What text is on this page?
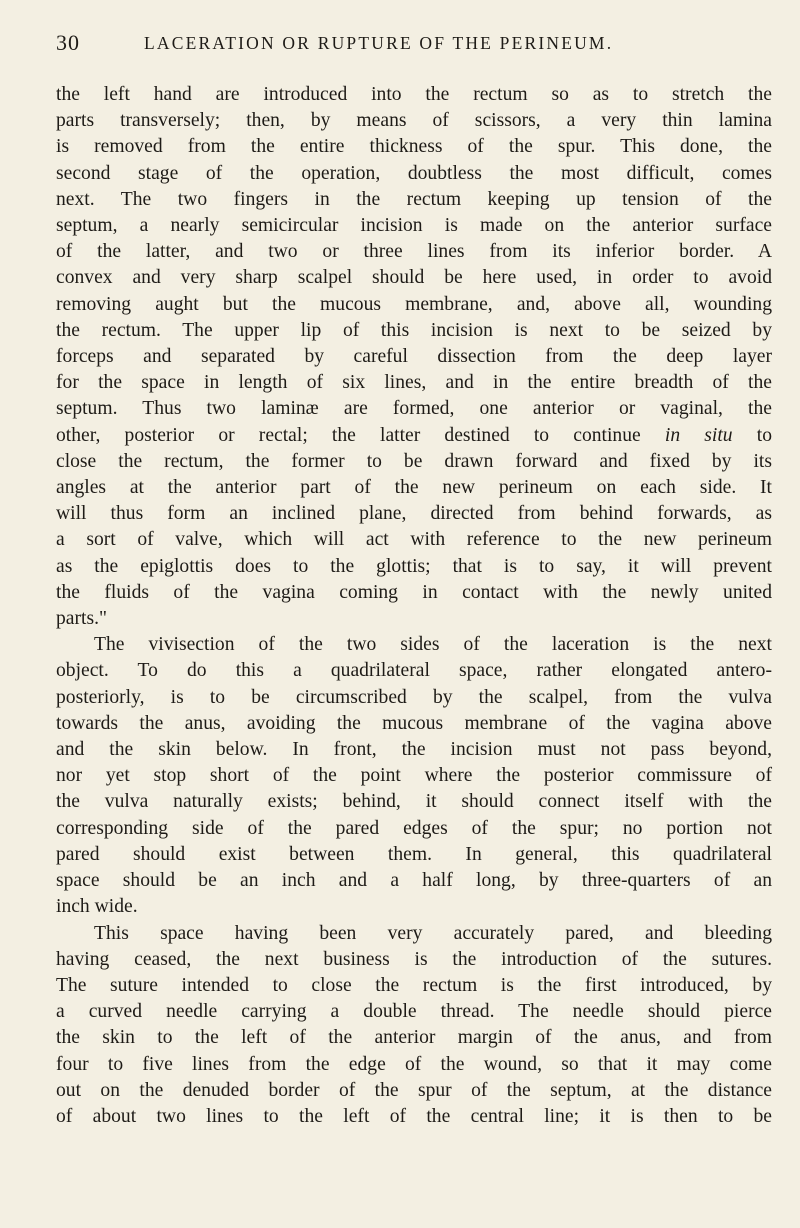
30	LACERATION OR RUPTURE OF THE PERINEUM.
the left hand are introduced into the rectum so as to stretch the
parts transversely; then, by means of scissors, a very thin lamina
is removed from the entire thickness of the spur. This done, the
second stage of the operation, doubtless the most difficult, comes
next. The two fingers in the rectum keeping up tension of the
septum, a nearly semicircular incision is made on the anterior surface
of the latter, and two or three lines from its inferior border. A
convex and very sharp scalpel should be here used, in order to avoid
removing aught but the mucous membrane, and, above all, wounding
the rectum. The upper lip of this incision is next to be seized by
forceps and separated by careful dissection from the deep layer
for the space in length of six lines, and in the entire breadth of the
septum. Thus two laminæ are formed, one anterior or vaginal, the
other, posterior or rectal; the latter destined to continue in situ to
close the rectum, the former to be drawn forward and fixed by its
angles at the anterior part of the new perineum on each side. It
will thus form an inclined plane, directed from behind forwards, as
a sort of valve, which will act with reference to the new perineum
as the epiglottis does to the glottis; that is to say, it will prevent
the fluids of the vagina coming in contact with the newly united
parts."
The vivisection of the two sides of the laceration is the next
object. To do this a quadrilateral space, rather elongated antero-
posteriorly, is to be circumscribed by the scalpel, from the vulva
towards the anus, avoiding the mucous membrane of the vagina above
and the skin below. In front, the incision must not pass beyond,
nor yet stop short of the point where the posterior commissure of
the vulva naturally exists; behind, it should connect itself with the
corresponding side of the pared edges of the spur; no portion not
pared should exist between them. In general, this quadrilateral
space should be an inch and a half long, by three-quarters of an
inch wide.
This space having been very accurately pared, and bleeding
having ceased, the next business is the introduction of the sutures.
The suture intended to close the rectum is the first introduced, by
a curved needle carrying a double thread. The needle should pierce
the skin to the left of the anterior margin of the anus, and from
four to five lines from the edge of the wound, so that it may come
out on the denuded border of the spur of the septum, at the distance
of about two lines to the left of the central line; it is then to be
